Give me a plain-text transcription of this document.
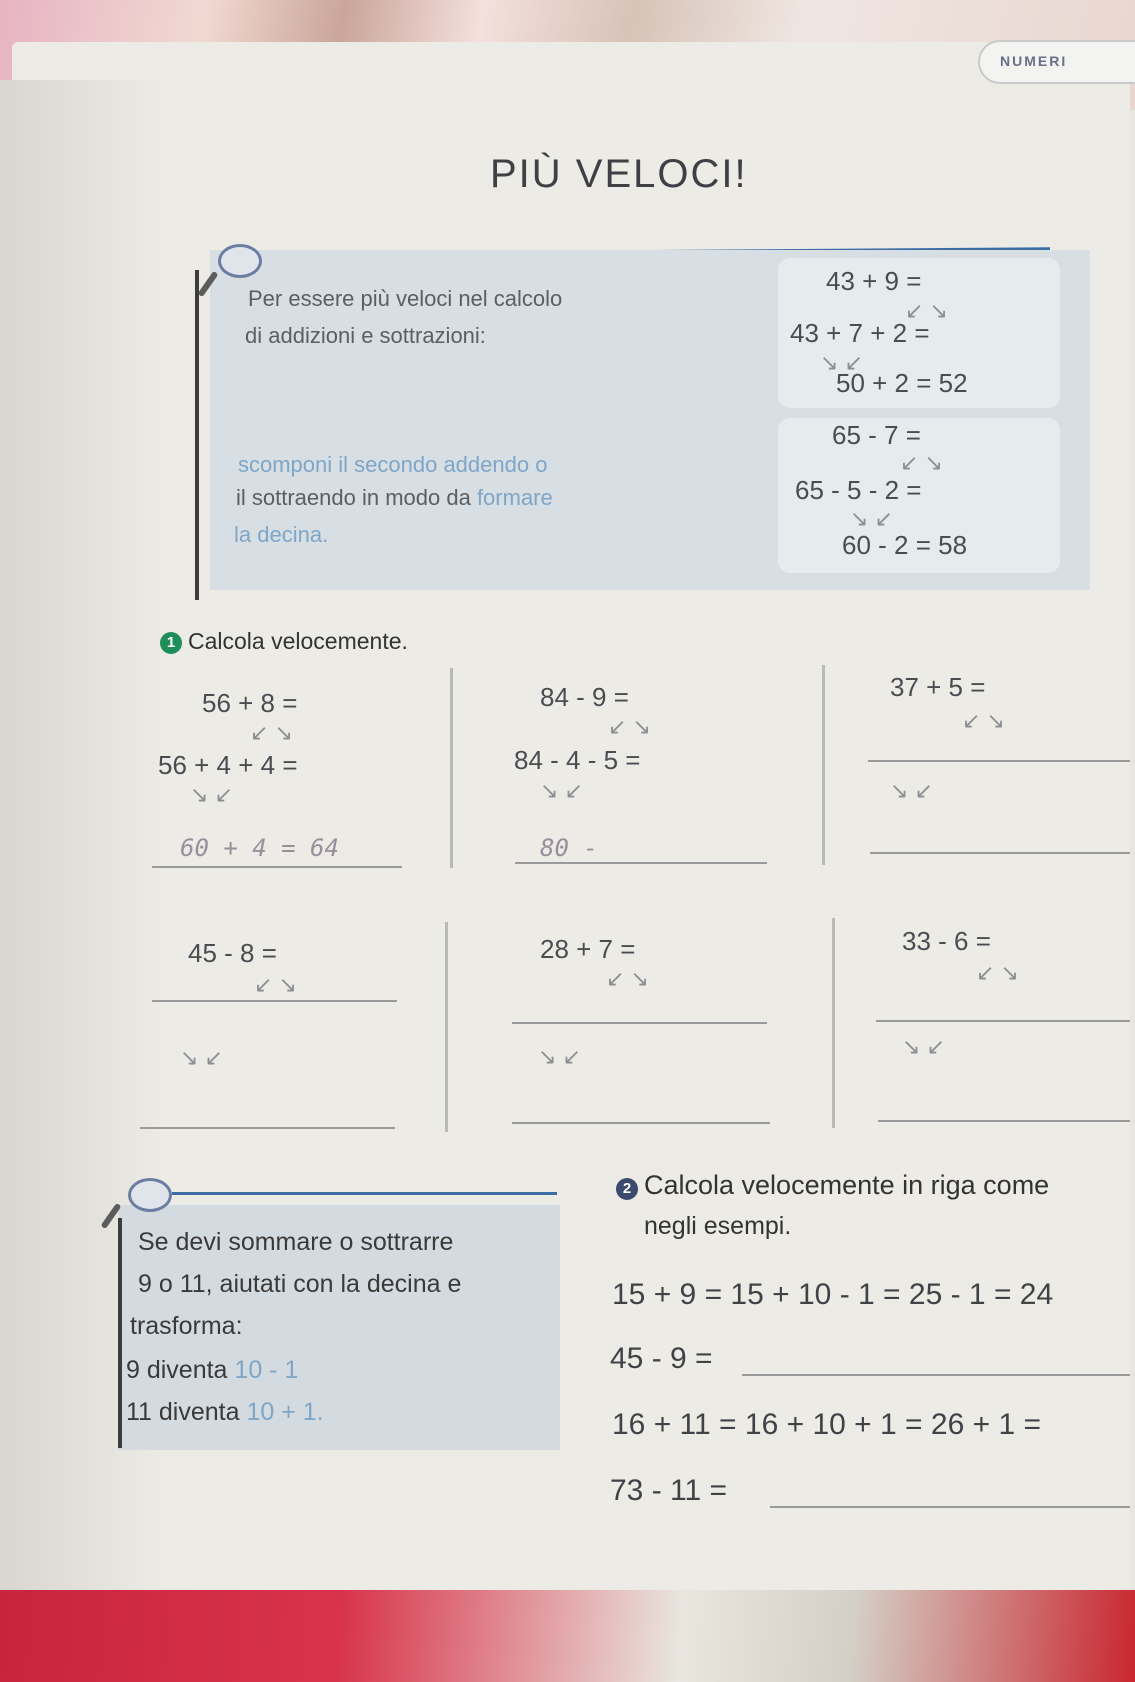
NUMERI
PIÙ VELOCI!
Per essere più veloci nel calcolo
di addizioni e sottrazioni:
scomponi il secondo addendo o
il sottraendo in modo da formare
la decina.
43 + 9 =
↙ ↘
43 + 7 + 2 =
↘ ↙
50 + 2 = 52
65 - 7 =
↙ ↘
65 - 5 - 2 =
↘ ↙
60 - 2 = 58
1 Calcola velocemente.
56 + 8 =
↙ ↘
56 + 4 + 4 =
↘ ↙
60 + 4 = 64
84 - 9 =
↙ ↘
84 - 4 - 5 =
↘ ↙
80 -
37 + 5 =
↙ ↘
↘ ↙
45 - 8 =
↙ ↘
↘ ↙
28 + 7 =
↙ ↘
↘ ↙
33 - 6 =
↙ ↘
↘ ↙
Se devi sommare o sottrarre
9 o 11, aiutati con la decina e
trasforma:
9 diventa 10 - 1
11 diventa 10 + 1.
2 Calcola velocemente in riga come
negli esempi.
15 + 9 = 15 + 10 - 1 = 25 - 1 = 24
45 - 9 =
16 + 11 = 16 + 10 + 1 = 26 + 1 =
73 - 11 =
